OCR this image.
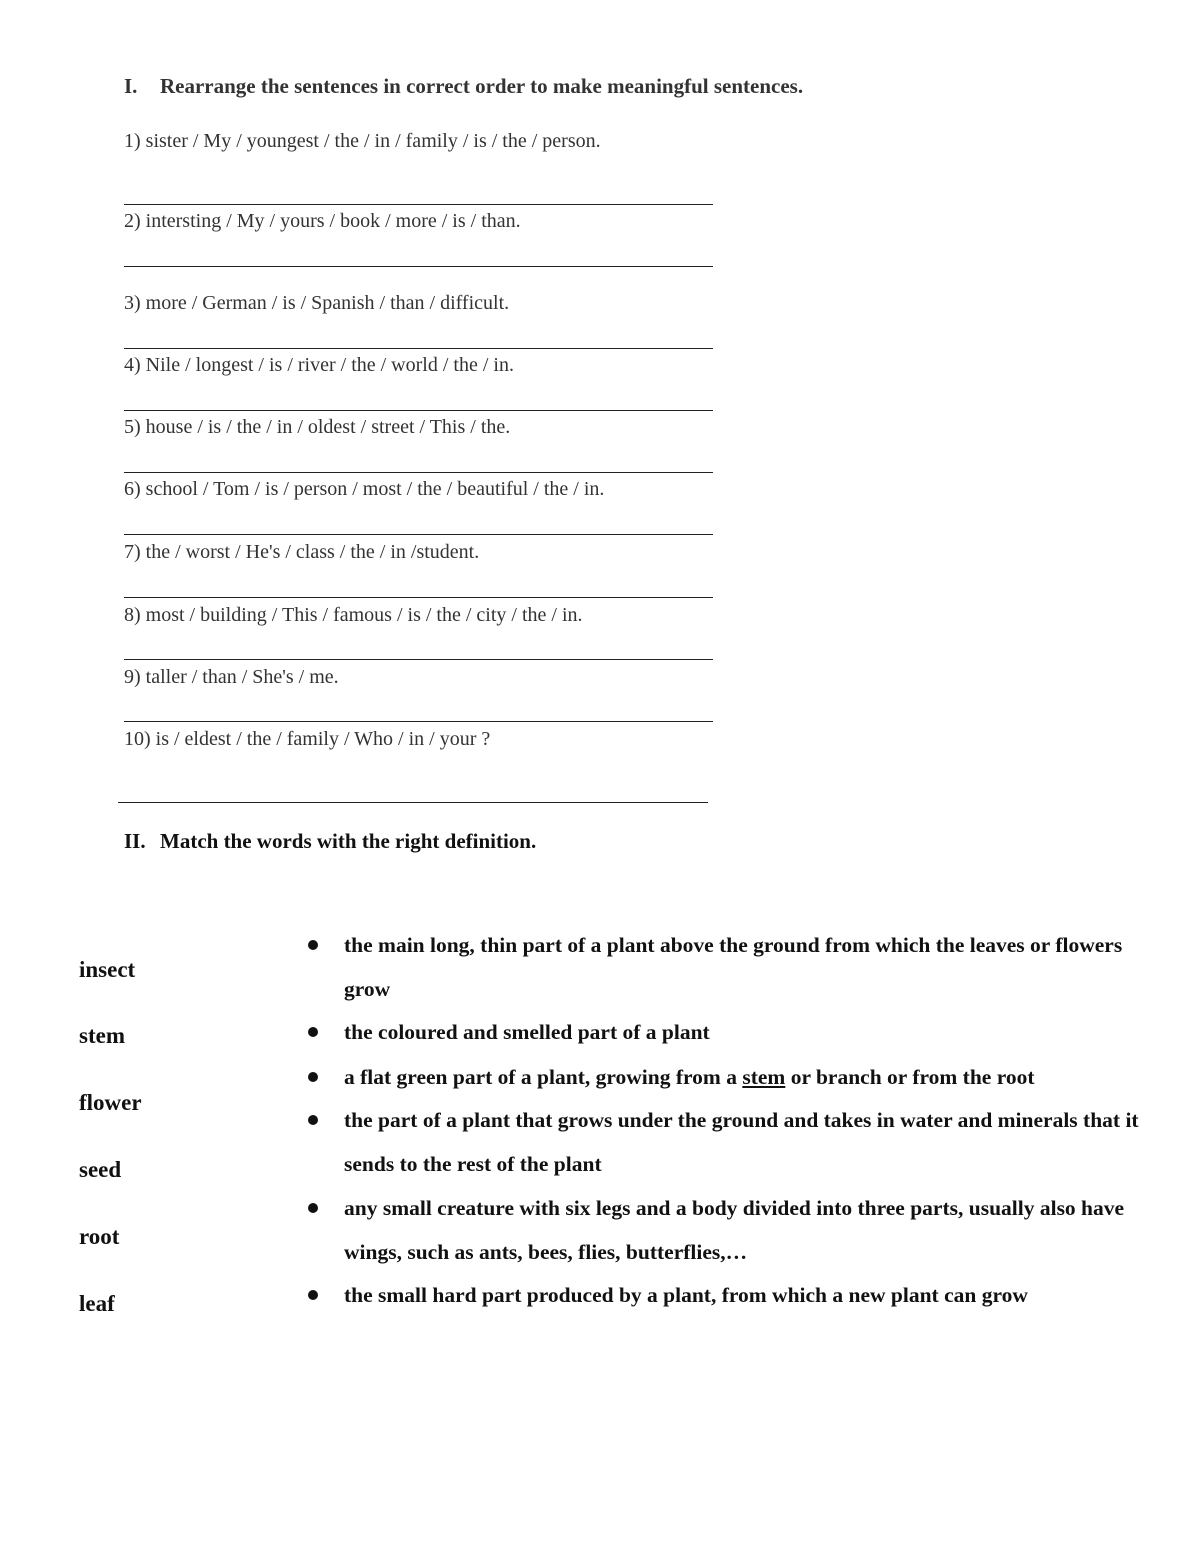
I. Rearrange the sentences in correct order to make meaningful sentences.
1) sister / My / youngest / the / in / family / is / the / person.
2) intersting / My / yours / book / more / is / than.
3) more / German / is / Spanish / than / difficult.
4) Nile / longest / is / river / the / world / the / in.
5) house / is / the / in / oldest / street / This / the.
6) school / Tom / is / person / most / the / beautiful / the / in.
7) the / worst / He's / class / the / in /student.
8) most / building / This / famous / is / the / city / the / in.
9) taller / than / She's / me.
10) is / eldest / the / family / Who / in / your ?
II. Match the words with the right definition.
insect
stem
flower
seed
root
leaf
the main long, thin part of a plant above the ground from which the leaves or flowers grow
the coloured and smelled part of a plant
a flat green part of a plant, growing from a stem or branch or from the root
the part of a plant that grows under the ground and takes in water and minerals that it sends to the rest of the plant
any small creature with six legs and a body divided into three parts, usually also have wings, such as ants, bees, flies, butterflies,…
the small hard part produced by a plant, from which a new plant can grow
